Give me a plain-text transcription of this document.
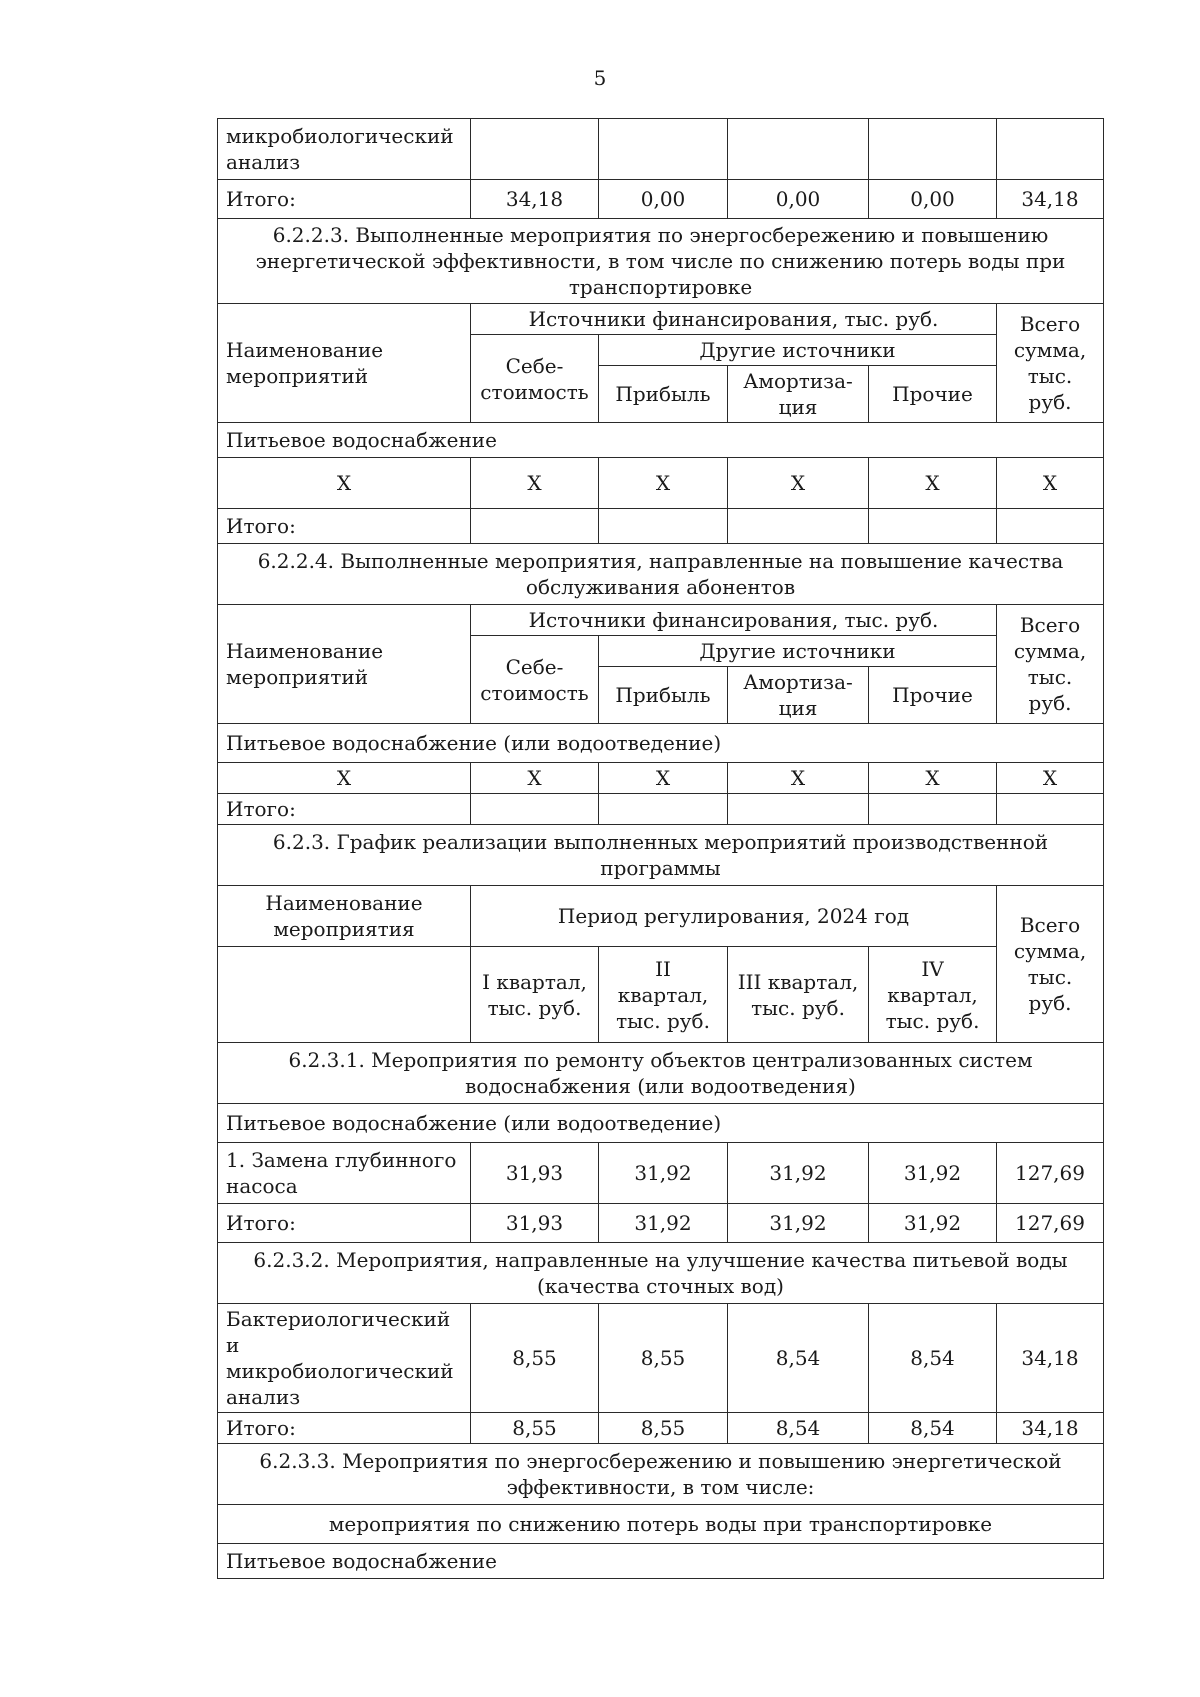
5
микробиологический анализ					
Итого:	34,18	0,00	0,00	0,00	34,18
6.2.2.3. Выполненные мероприятия по энергосбережению и повышению энергетической эффективности, в том числе по снижению потерь воды при транспортировке					
Наименование мероприятий	Источники финансирования, тыс. руб.				Всего сумма, тыс. руб.
	Себе-стоимость	Другие источники			
		Прибыль	Амортиза-ция	Прочие	
Питьевое водоснабжение					
Х	Х	Х	Х	Х	Х
Итого:					
6.2.2.4. Выполненные мероприятия, направленные на повышение качества обслуживания абонентов					
Наименование мероприятий	Источники финансирования, тыс. руб.				Всего сумма, тыс. руб.
	Себе-стоимость	Другие источники			
		Прибыль	Амортиза-ция	Прочие	
Питьевое водоснабжение (или водоотведение)					
Х	Х	Х	Х	Х	Х
Итого:					
6.2.3. График реализации выполненных мероприятий производственной программы					
Наименование мероприятия	Период регулирования, 2024 год				Всего сумма, тыс. руб.
	I квартал, тыс. руб.	II квартал, тыс. руб.	III квартал, тыс. руб.	IV квартал, тыс. руб.	
6.2.3.1. Мероприятия по ремонту объектов централизованных систем водоснабжения (или водоотведения)					
Питьевое водоснабжение (или водоотведение)					
1. Замена глубинного насоса	31,93	31,92	31,92	31,92	127,69
Итого:	31,93	31,92	31,92	31,92	127,69
6.2.3.2. Мероприятия, направленные на улучшение качества питьевой воды (качества сточных вод)					
Бактериологический и микробиологический анализ	8,55	8,55	8,54	8,54	34,18
Итого:	8,55	8,55	8,54	8,54	34,18
6.2.3.3. Мероприятия по энергосбережению и повышению энергетической эффективности, в том числе:					
мероприятия по снижению потерь воды при транспортировке					
Питьевое водоснабжение					
